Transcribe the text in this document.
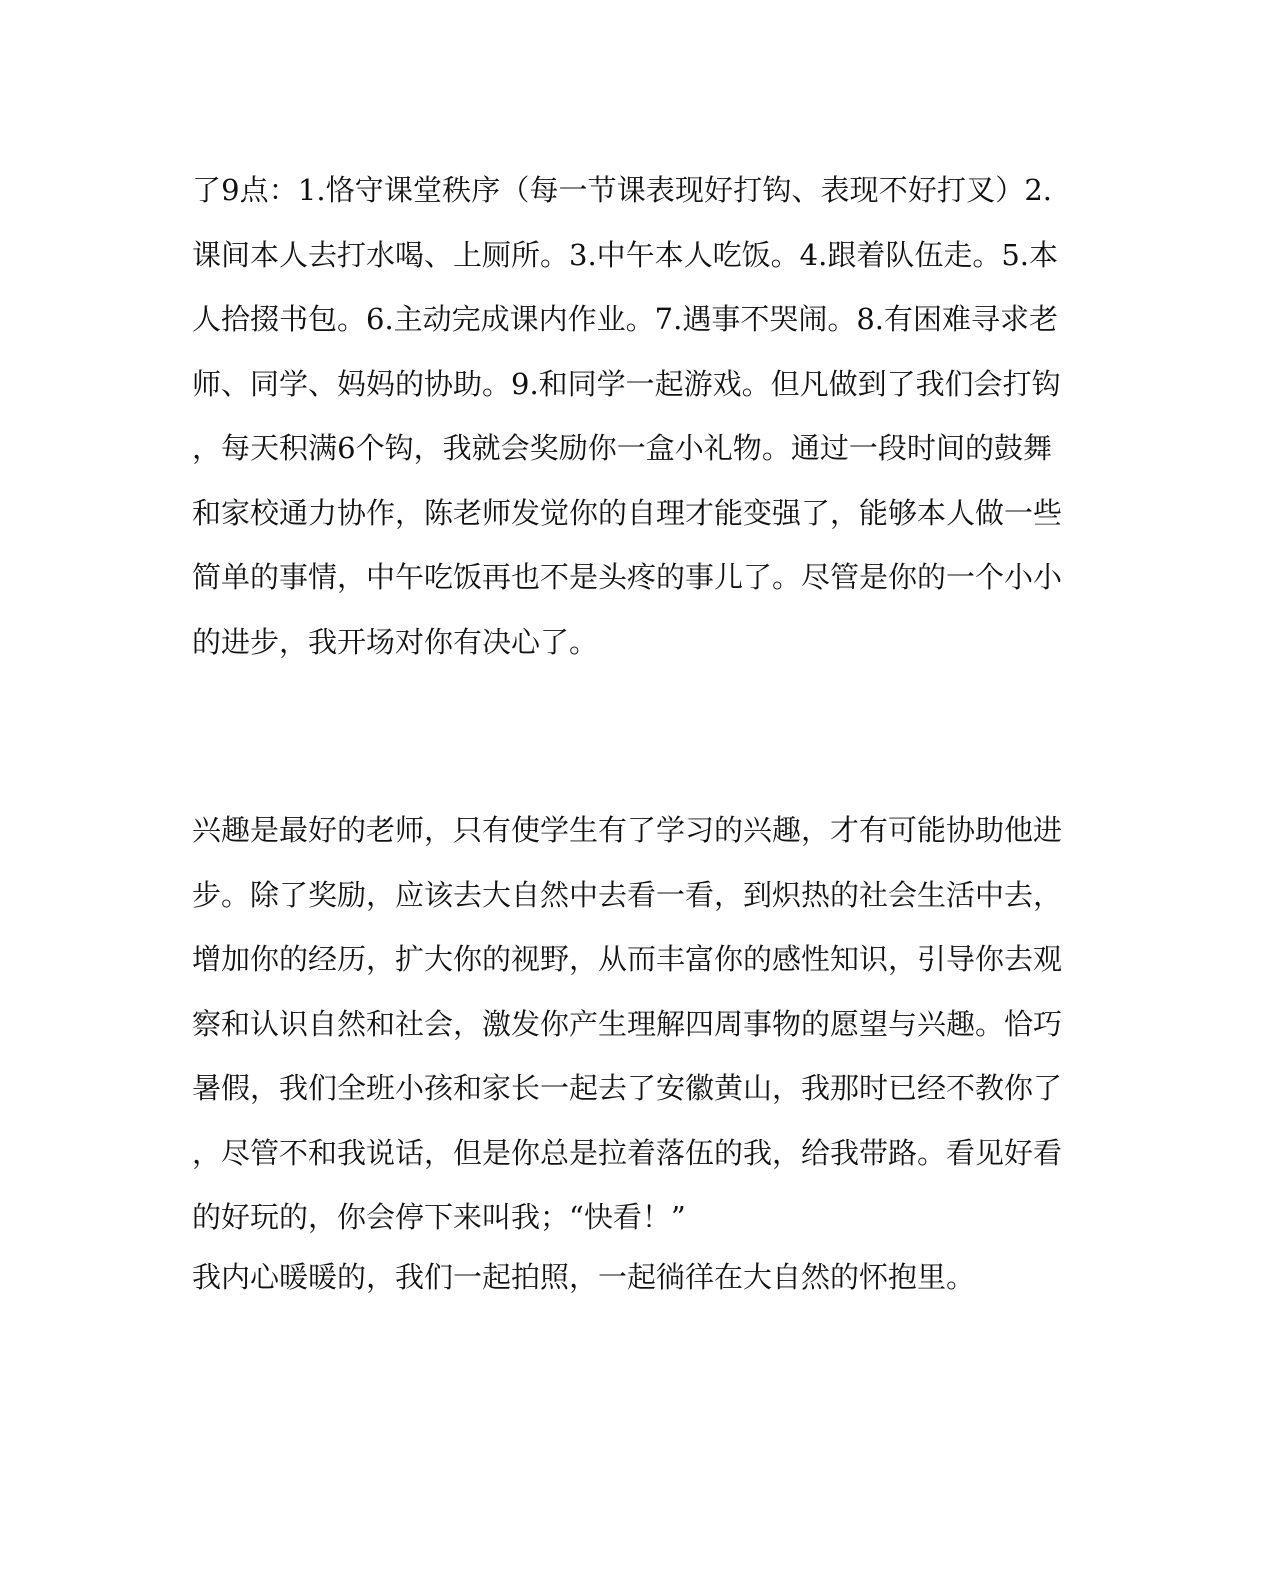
了9点：1.恪守课堂秩序（每一节课表现好打钩、表现不好打叉）2.
课间本人去打水喝、上厕所。3.中午本人吃饭。4.跟着队伍走。5.本
人拾掇书包。6.主动完成课内作业。7.遇事不哭闹。8.有困难寻求老
师、同学、妈妈的协助。9.和同学一起游戏。但凡做到了我们会打钩
，每天积满6个钩，我就会奖励你一盒小礼物。通过一段时间的鼓舞
和家校通力协作，陈老师发觉你的自理才能变强了，能够本人做一些
简单的事情，中午吃饭再也不是头疼的事儿了。尽管是你的一个小小
的进步，我开场对你有决心了。
兴趣是最好的老师，只有使学生有了学习的兴趣，才有可能协助他进
步。除了奖励，应该去大自然中去看一看，到炽热的社会生活中去，
增加你的经历，扩大你的视野，从而丰富你的感性知识，引导你去观
察和认识自然和社会，激发你产生理解四周事物的愿望与兴趣。恰巧
暑假，我们全班小孩和家长一起去了安徽黄山，我那时已经不教你了
，尽管不和我说话，但是你总是拉着落伍的我，给我带路。看见好看
的好玩的，你会停下来叫我；“快看！”
我内心暖暖的，我们一起拍照，一起徜徉在大自然的怀抱里。
